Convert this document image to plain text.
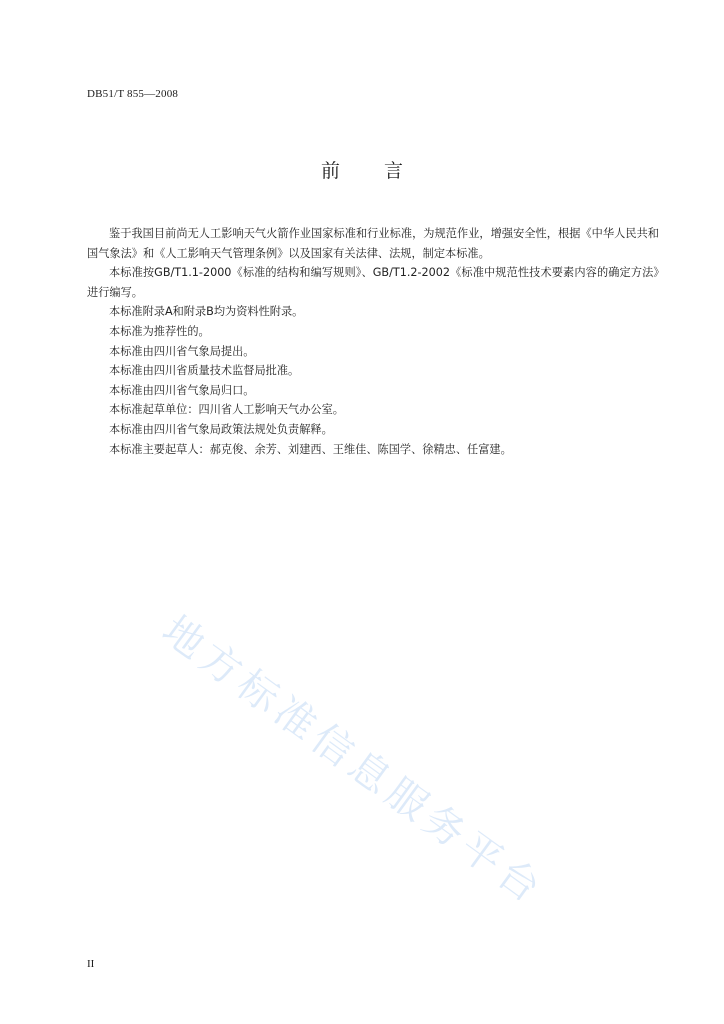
DB51/T 855—2008
前 言

鉴于我国目前尚无人工影响天气火箭作业国家标准和行业标准，为规范作业，增强安全性，根据《中华人民共和国气象法》和《人工影响天气管理条例》以及国家有关法律、法规，制定本标准。

本标准按GB/T1.1-2000《标准的结构和编写规则》、GB/T1.2-2002《标准中规范性技术要素内容的确定方法》进行编写。

本标准附录A和附录B均为资料性附录。

本标准为推荐性的。

本标准由四川省气象局提出。

本标准由四川省质量技术监督局批准。

本标准由四川省气象局归口。

本标准起草单位：四川省人工影响天气办公室。

本标准由四川省气象局政策法规处负责解释。

本标准主要起草人：郝克俊、余芳、刘建西、王维佳、陈国学、徐精忠、任富建。

地方标准信息服务平台
II
